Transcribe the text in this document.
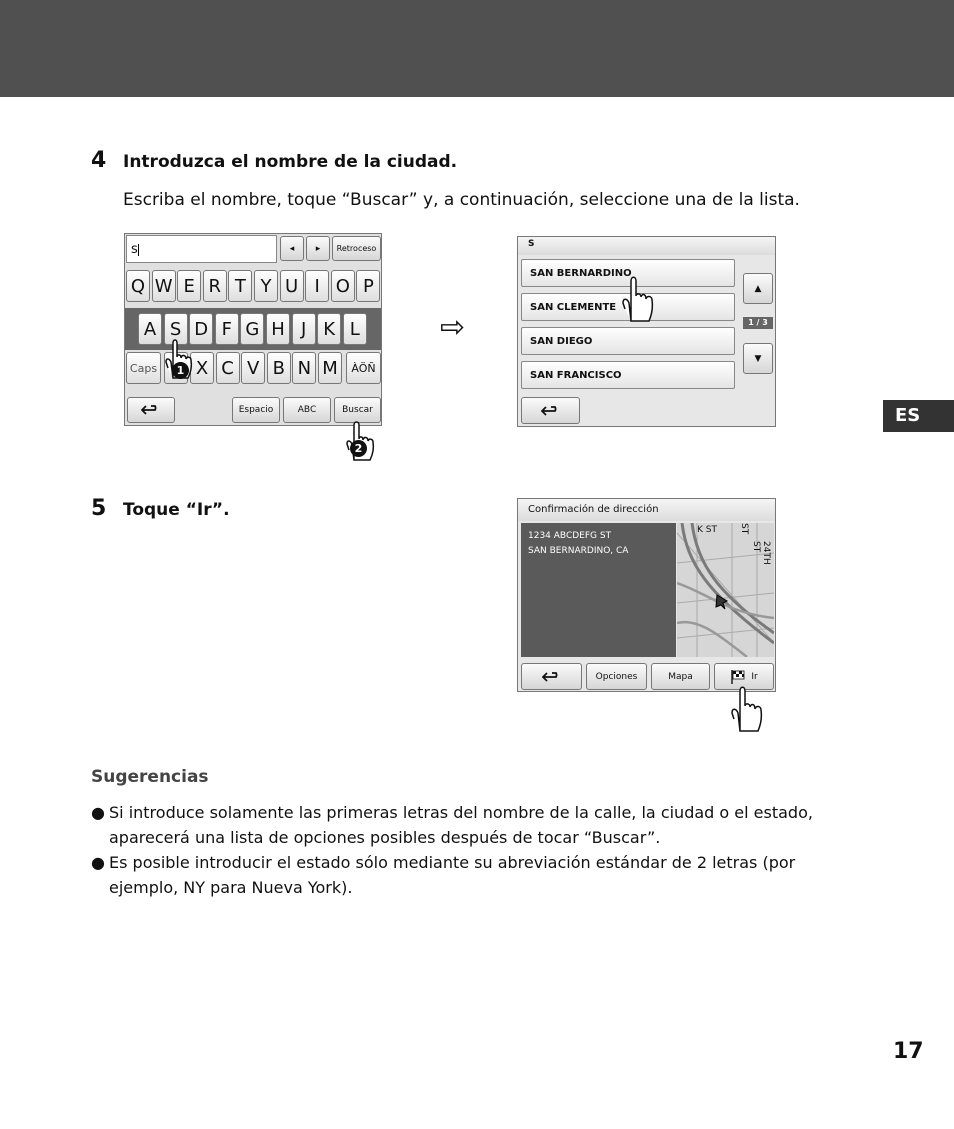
4 Introduzca el nombre de la ciudad.
Escriba el nombre, toque “Buscar” y, a continuación, seleccione una de la lista.
s	◂ ▸ Retroceso
Q W E R T Y U I O P
A S D F G H J K L
Caps	X C V B N M	ÀÖÑ
Espacio	ABC	Buscar
1
2
⇨
S
SAN BERNARDINO
SAN CLEMENTE
SAN DIEGO
SAN FRANCISCO
▲
1 / 3
▼
5 Toque “Ir”.	Confirmación de dirección
1234 ABCDEFG ST
SAN BERNARDINO, CA
K ST ST
24TH ST
Opciones	Mapa	Ir
ES
Sugerencias
● Si introduce solamente las primeras letras del nombre de la calle, la ciudad o el estado,
aparecerá una lista de opciones posibles después de tocar “Buscar”.
● Es posible introducir el estado sólo mediante su abreviación estándar de 2 letras (por
ejemplo, NY para Nueva York).
17
